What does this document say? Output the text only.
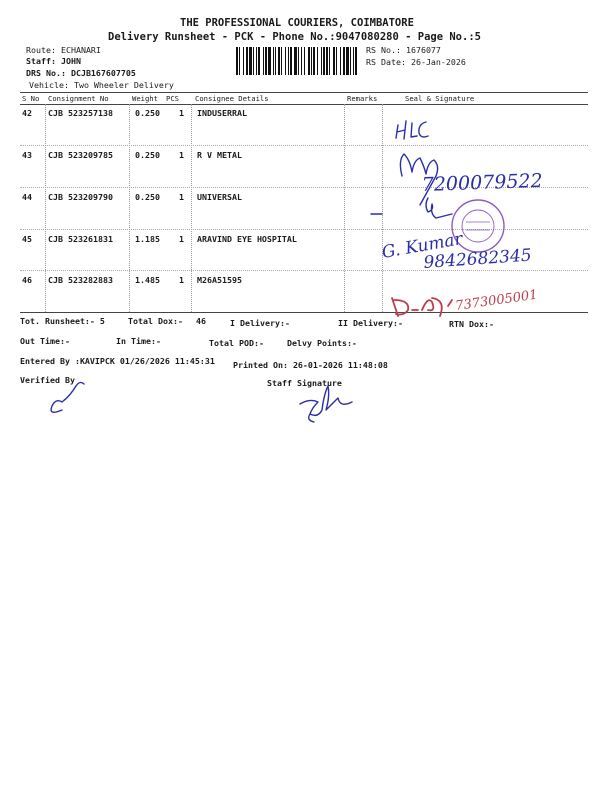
THE PROFESSIONAL COURIERS, COIMBATORE
Delivery Runsheet - PCK - Phone No.:9047080280 - Page No.:5
Route: ECHANARI
Staff: JOHN
DRS No.: DCJB167607705
Vehicle: Two Wheeler Delivery
RS No.: 1676077
RS Date: 26-Jan-2026
S No Consignment No	Weight PCS Consignee Details	Remarks	Seal & Signature
42 CJB 523257138	0.250 1 INDUSERRAL
43 CJB 523209785	0.250 1 R V METAL
44 CJB 523209790	0.250 1 UNIVERSAL
45 CJB 523261831	1.185 1 ARAVIND EYE HOSPITAL
46 CJB 523282883	1.485 1 M26A51595
Tot. Runsheet:- 5	Total Dox:- 46	I Delivery:-	II Delivery:-	RTN Dox:-
Out Time:-	In Time:-	Total POD:-	Delvy Points:-
Entered By :KAVIPCK 01/26/2026 11:45:31 Printed On: 26-01-2026 11:48:08
Verified By	Staff Signature
7200079522
G. Kumar
9842682345
7373005001
